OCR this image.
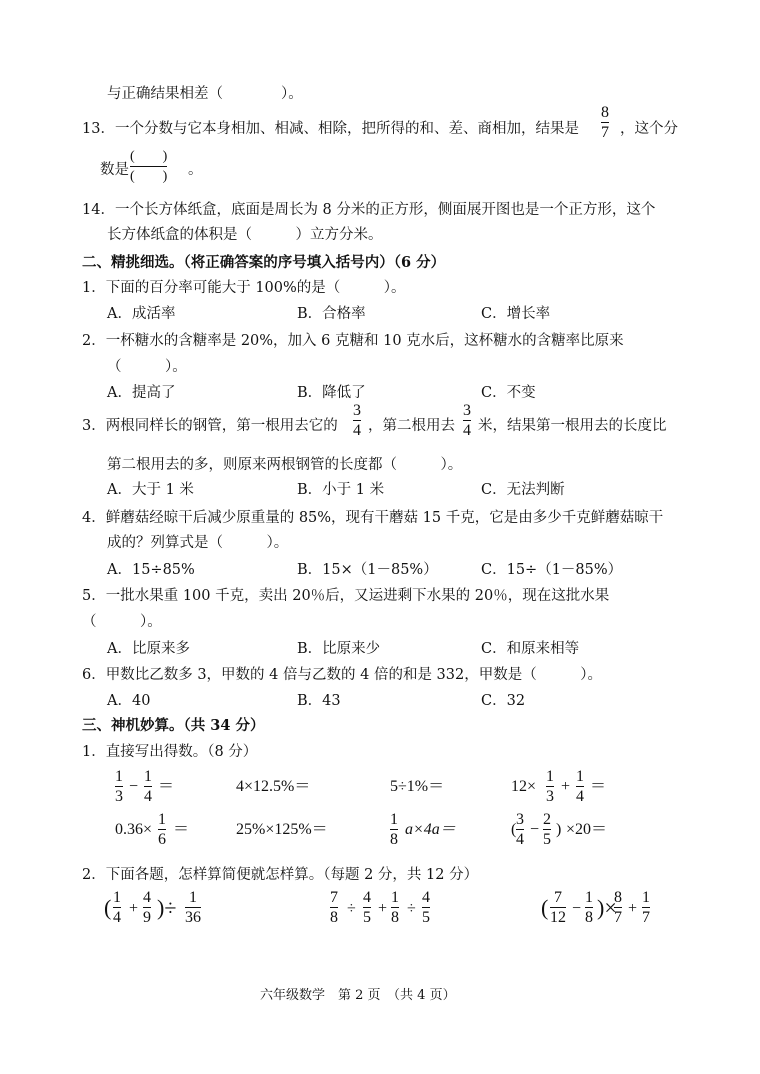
与正确结果相差（　　　　）。
13．一个分数与它本身相加、相减、相除，把所得的和、差、商相加，结果是
8
7 ，这个分
数是
(　　)
(　　) 。
14．一个长方体纸盒，底面是周长为 8 分米的正方形，侧面展开图也是一个正方形，这个
长方体纸盒的体积是（　　　）立方分米。
二、精挑细选。（将正确答案的序号填入括号内）（6 分）
1．下面的百分率可能大于 100%的是（　　　）。
A．成活率	B．合格率	C．增长率
2．一杯糖水的含糖率是 20%，加入 6 克糖和 10 克水后，这杯糖水的含糖率比原来
（　　　）。
A．提高了	B．降低了	C．不变
3．两根同样长的钢管，第一根用去它的
3
4 ，第二根用去
3
4 米，结果第一根用去的长度比
第二根用去的多，则原来两根钢管的长度都（　　　）。
A．大于 1 米	B．小于 1 米	C．无法判断
4．鲜蘑菇经晾干后减少原重量的 85%，现有干蘑菇 15 千克，它是由多少千克鲜蘑菇晾干
成的？列算式是（　　　）。
A．15÷85%	B．15×（1－85%）	C．15÷（1－85%）
5．一批水果重 100 千克，卖出 20％后，又运进剩下水果的 20％，现在这批水果
（　　　）。
A．比原来多	B．比原来少	C．和原来相等
6．甲数比乙数多 3，甲数的 4 倍与乙数的 4 倍的和是 332，甲数是（　　　）。
A．40	B．43	C．32
三、神机妙算。（共 34 分）
1．直接写出得数。（8 分）
1
3
−
1
4
＝	4×12.5%＝	5÷1%＝	12×
1
3
+
1
4
＝
0.36×
1
6
＝	25%×125%＝
1
8
a×4a＝	(
3
4
−
2
5
) ×20＝
2．下面各题，怎样算简便就怎样算。（每题 2 分，共 12 分）
( 1
4
+
4
9 )÷ 1
36
7
8
÷
4
5
+
1
8
÷
4
5	( 7
12
−
1
8 )×
8
7
+
1
7
六年级数学　第 2 页　（共 4 页）
